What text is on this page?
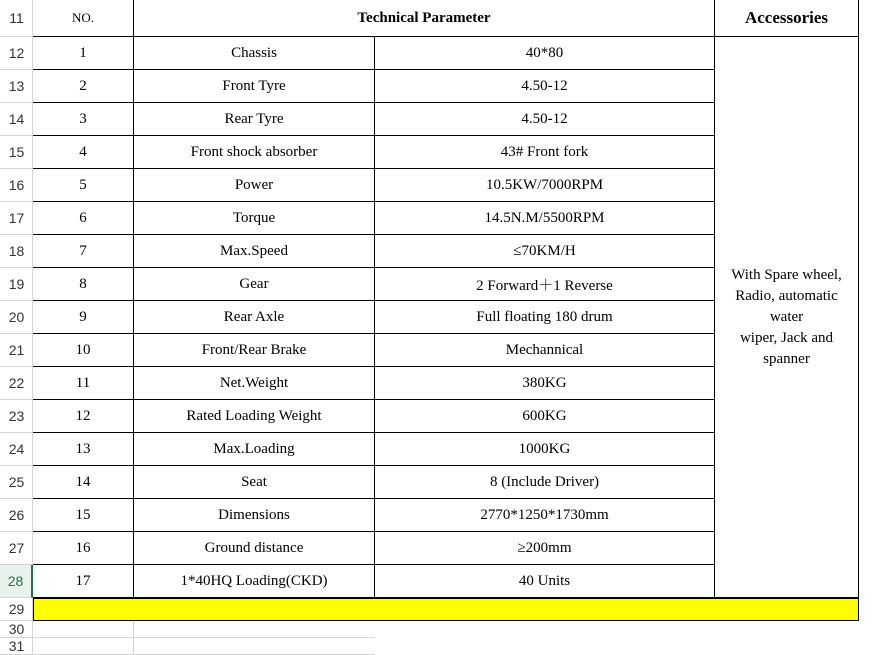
11
12
13
14
15
16
17
18
19
20
21
22
23
24
25
26
27
28
29
30
31
NO.	Technical Parameter	Accessories
1	Chassis	40*80
2	Front Tyre	4.50-12
3	Rear Tyre	4.50-12
4	Front shock absorber	43# Front fork
5	Power	10.5KW/7000RPM
6	Torque	14.5N.M/5500RPM
7	Max.Speed	≤70KM/H
8	Gear	2 Forward＋1 Reverse
9	Rear Axle	Full floating 180 drum
10	Front/Rear Brake	Mechannical
11	Net.Weight	380KG
12	Rated Loading Weight	600KG
13	Max.Loading	1000KG
14	Seat	8 (Include Driver)
15	Dimensions	2770*1250*1730mm
16	Ground distance	≥200mm
17	1*40HQ Loading(CKD)	40 Units
With Spare wheel,
Radio, automatic water
wiper, Jack and
spanner
